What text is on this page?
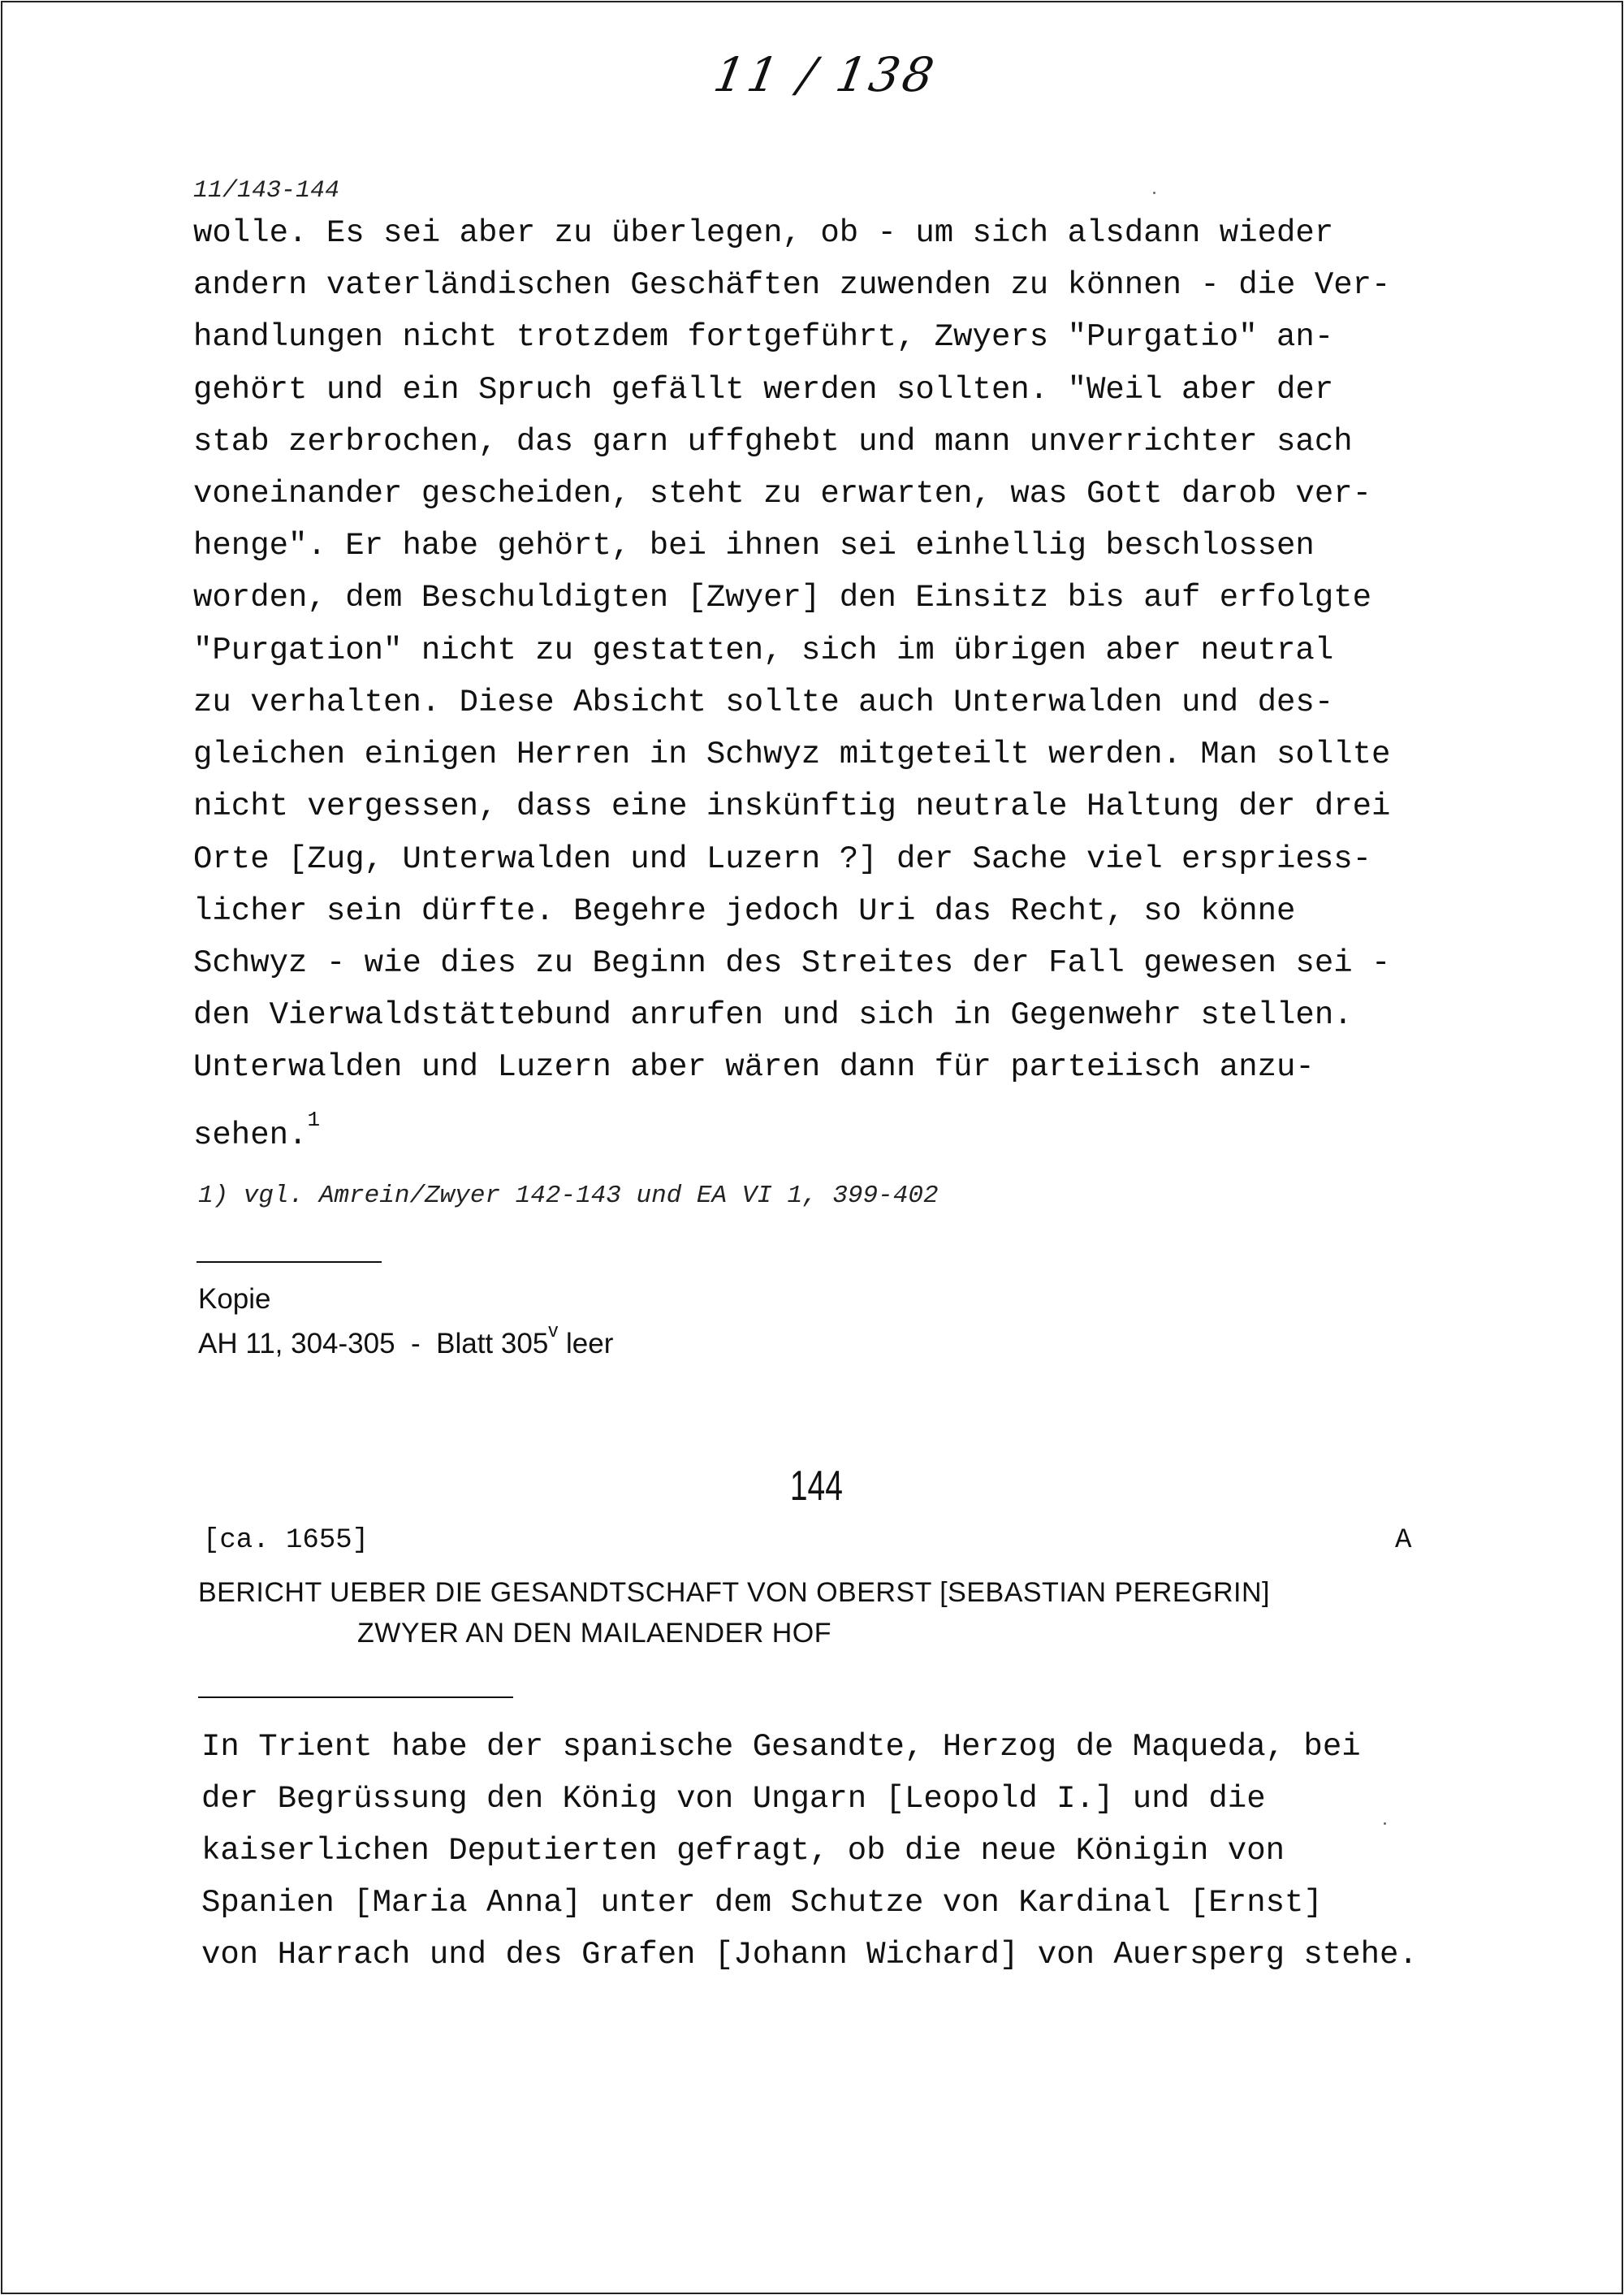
11 / 138
11/143-144
wolle. Es sei aber zu überlegen, ob - um sich alsdann wieder
andern vaterländischen Geschäften zuwenden zu können - die Ver-
handlungen nicht trotzdem fortgeführt, Zwyers "Purgatio" an-
gehört und ein Spruch gefällt werden sollten. "Weil aber der
stab zerbrochen, das garn uffghebt und mann unverrichter sach
voneinander gescheiden, steht zu erwarten, was Gott darob ver-
henge". Er habe gehört, bei ihnen sei einhellig beschlossen
worden, dem Beschuldigten [Zwyer] den Einsitz bis auf erfolgte
"Purgation" nicht zu gestatten, sich im übrigen aber neutral
zu verhalten. Diese Absicht sollte auch Unterwalden und des-
gleichen einigen Herren in Schwyz mitgeteilt werden. Man sollte
nicht vergessen, dass eine inskünftig neutrale Haltung der drei
Orte [Zug, Unterwalden und Luzern ?] der Sache viel erspriess-
licher sein dürfte. Begehre jedoch Uri das Recht, so könne
Schwyz - wie dies zu Beginn des Streites der Fall gewesen sei -
den Vierwaldstättebund anrufen und sich in Gegenwehr stellen.
Unterwalden und Luzern aber wären dann für parteiisch anzu-
sehen.$^1$
1) vgl. Amrein/Zwyer 142-143 und EA VI 1, 399-402
Kopie
AH 11, 304-305  -  Blatt 305$^v$ leer
144
[ca. 1655]	A
BERICHT UEBER DIE GESANDTSCHAFT VON OBERST [SEBASTIAN PEREGRIN]
ZWYER AN DEN MAILAENDER HOF
In Trient habe der spanische Gesandte, Herzog de Maqueda, bei
der Begrüssung den König von Ungarn [Leopold I.] und die
kaiserlichen Deputierten gefragt, ob die neue Königin von
Spanien [Maria Anna] unter dem Schutze von Kardinal [Ernst]
von Harrach und des Grafen [Johann Wichard] von Auersperg stehe.
